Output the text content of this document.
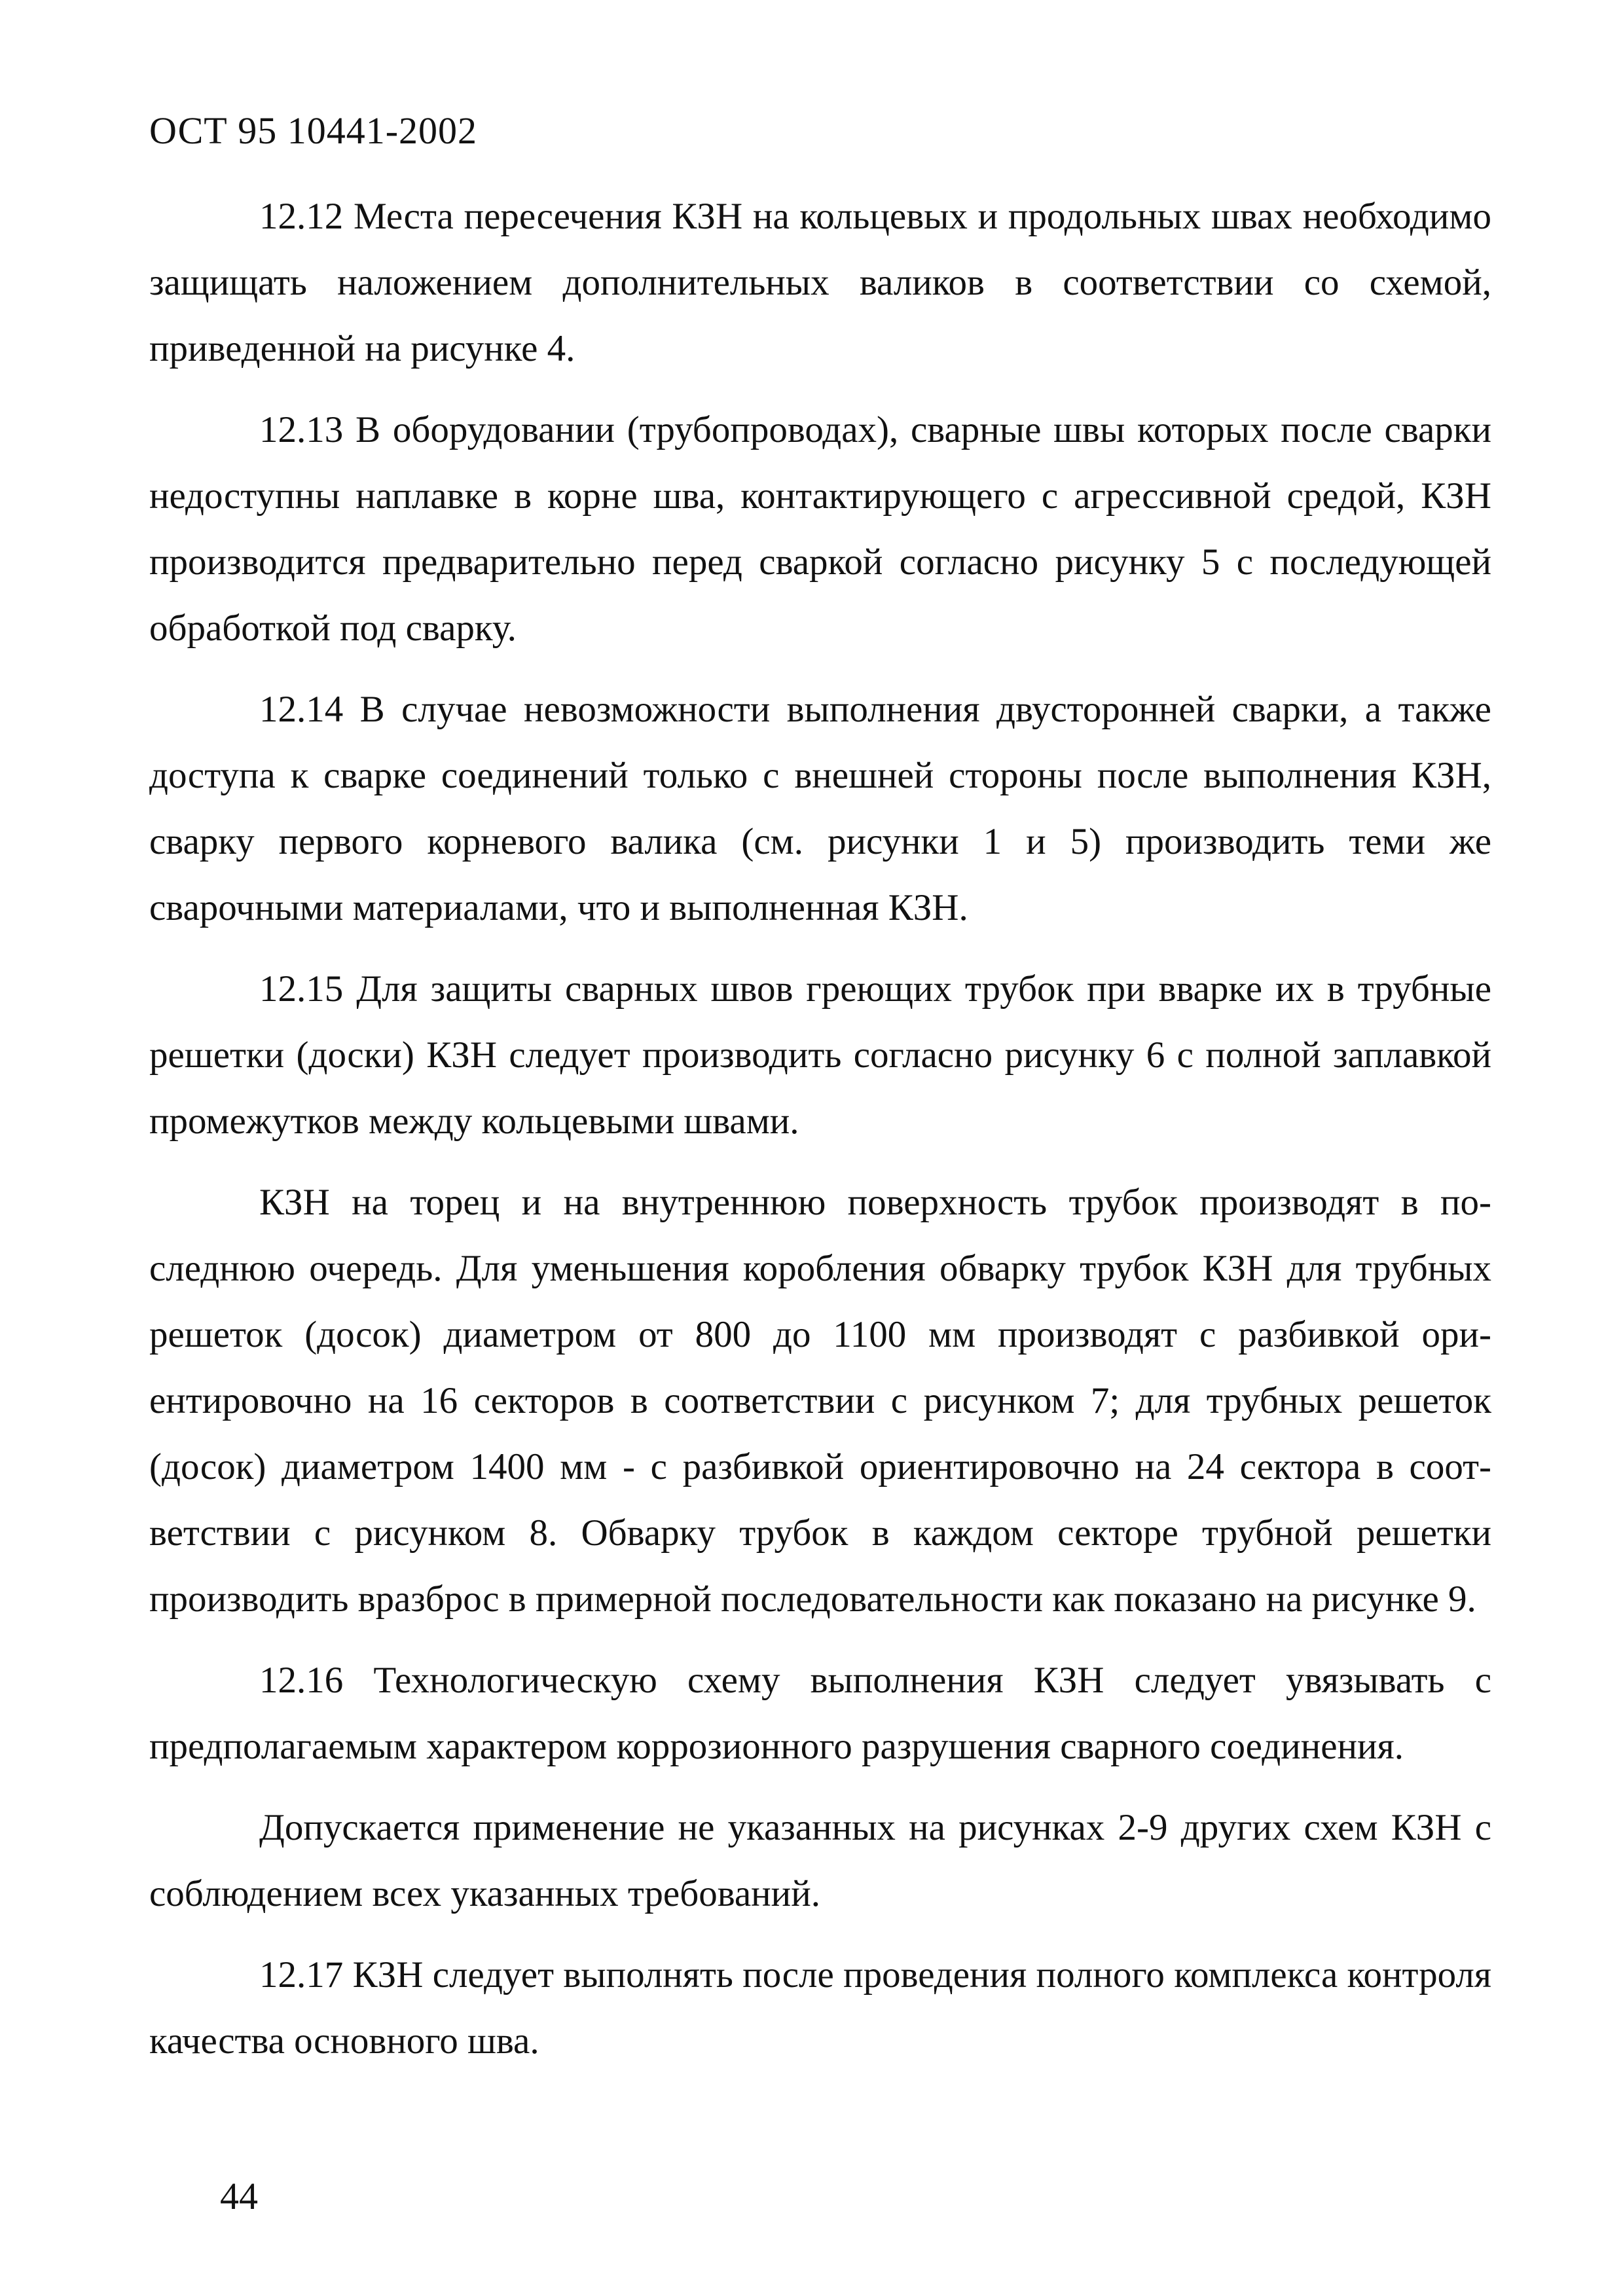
ОСТ 95 10441-2002

12.12 Места пересечения КЗН на кольцевых и продольных швах необходимо защищать наложением дополнительных валиков в соответствии со схемой, приведенной на рисунке 4.

12.13 В оборудовании (трубопроводах), сварные швы которых после сварки недоступны наплавке в корне шва, контактирующего с агрессивной средой, КЗН производится предварительно перед сваркой согласно рисунку 5 с последующей обработкой под сварку.

12.14 В случае невозможности выполнения двусторонней сварки, а также доступа к сварке соединений только с внешней стороны после выполнения КЗН, сварку первого корневого валика (см. рисунки 1 и 5) производить теми же сварочными материалами, что и выполненная КЗН.

12.15 Для защиты сварных швов греющих трубок при вварке их в трубные решетки (доски) КЗН следует производить согласно рисунку 6 с полной заплавкой промежутков между кольцевыми швами.

КЗН на торец и на внутреннюю поверхность трубок производят в последнюю очередь. Для уменьшения коробления обварку трубок КЗН для трубных решеток (досок) диаметром от 800 до 1100 мм производят с разбивкой ориентировочно на 16 секторов в соответствии с рисунком 7; для трубных решеток (досок) диаметром 1400 мм - с разбивкой ориентировочно на 24 сектора в соответствии с рисунком 8. Обварку трубок в каждом секторе трубной решетки производить вразброс в примерной последовательности как показано на рисунке 9.

12.16 Технологическую схему выполнения КЗН следует увязывать с предполагаемым характером коррозионного разрушения сварного соединения.

Допускается применение не указанных на рисунках 2-9 других схем КЗН с соблюдением всех указанных требований.

12.17 КЗН следует выполнять после проведения полного комплекса контроля качества основного шва.

44
